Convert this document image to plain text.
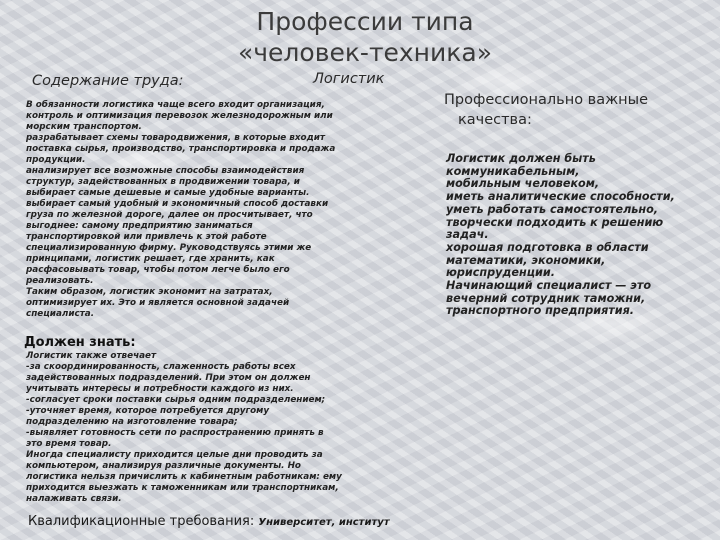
Профессии типа
«человек-техника»
Содержание труда:	Логистик
В обязанности логистика чаще всего входит организация,
контроль и оптимизация перевозок железнодорожным или
морским транспортом.
разрабатывает схемы товародвижения, в которые входит
поставка сырья, производство, транспортировка и продажа
продукции.
анализирует все возможные способы взаимодействия
структур, задействованных в продвижении товара, и
выбирает самые дешевые и самые удобные варианты.
выбирает самый удобный и экономичный способ доставки
груза по железной дороге, далее он просчитывает, что
выгоднее: самому предприятию заниматься
транспортировкой или привлечь к этой работе
специализированную фирму. Руководствуясь этими же
принципами, логистик решает, где хранить, как
расфасовывать товар, чтобы потом легче было его
реализовать.
Таким образом, логистик экономит на затратах,
оптимизирует их. Это и является основной задачей
специалиста.
Должен знать:
Логистик также отвечает
-за скоординированность, слаженность работы всех
задействованных подразделений. При этом он должен
учитывать интересы и потребности каждого из них.
-согласует сроки поставки сырья одним подразделением;
-уточняет время, которое потребуется другому
подразделению на изготовление товара;
-выявляет готовность сети по распространению принять в
это время товар.
Иногда специалисту приходится целые дни проводить за
компьютером, анализируя различные документы. Но
логистика нельзя причислить к кабинетным работникам: ему
приходится выезжать к таможенникам или транспортникам,
налаживать связи.
Квалификационные требования: Университет, институт
Профессионально важные
качества:
Логистик должен быть
коммуникабельным,
мобильным человеком,
иметь аналитические способности,
уметь работать самостоятельно,
творчески подходить к решению
задач.
хорошая подготовка в области
математики, экономики,
юриспруденции.
Начинающий специалист — это
вечерний сотрудник таможни,
транспортного предприятия.
